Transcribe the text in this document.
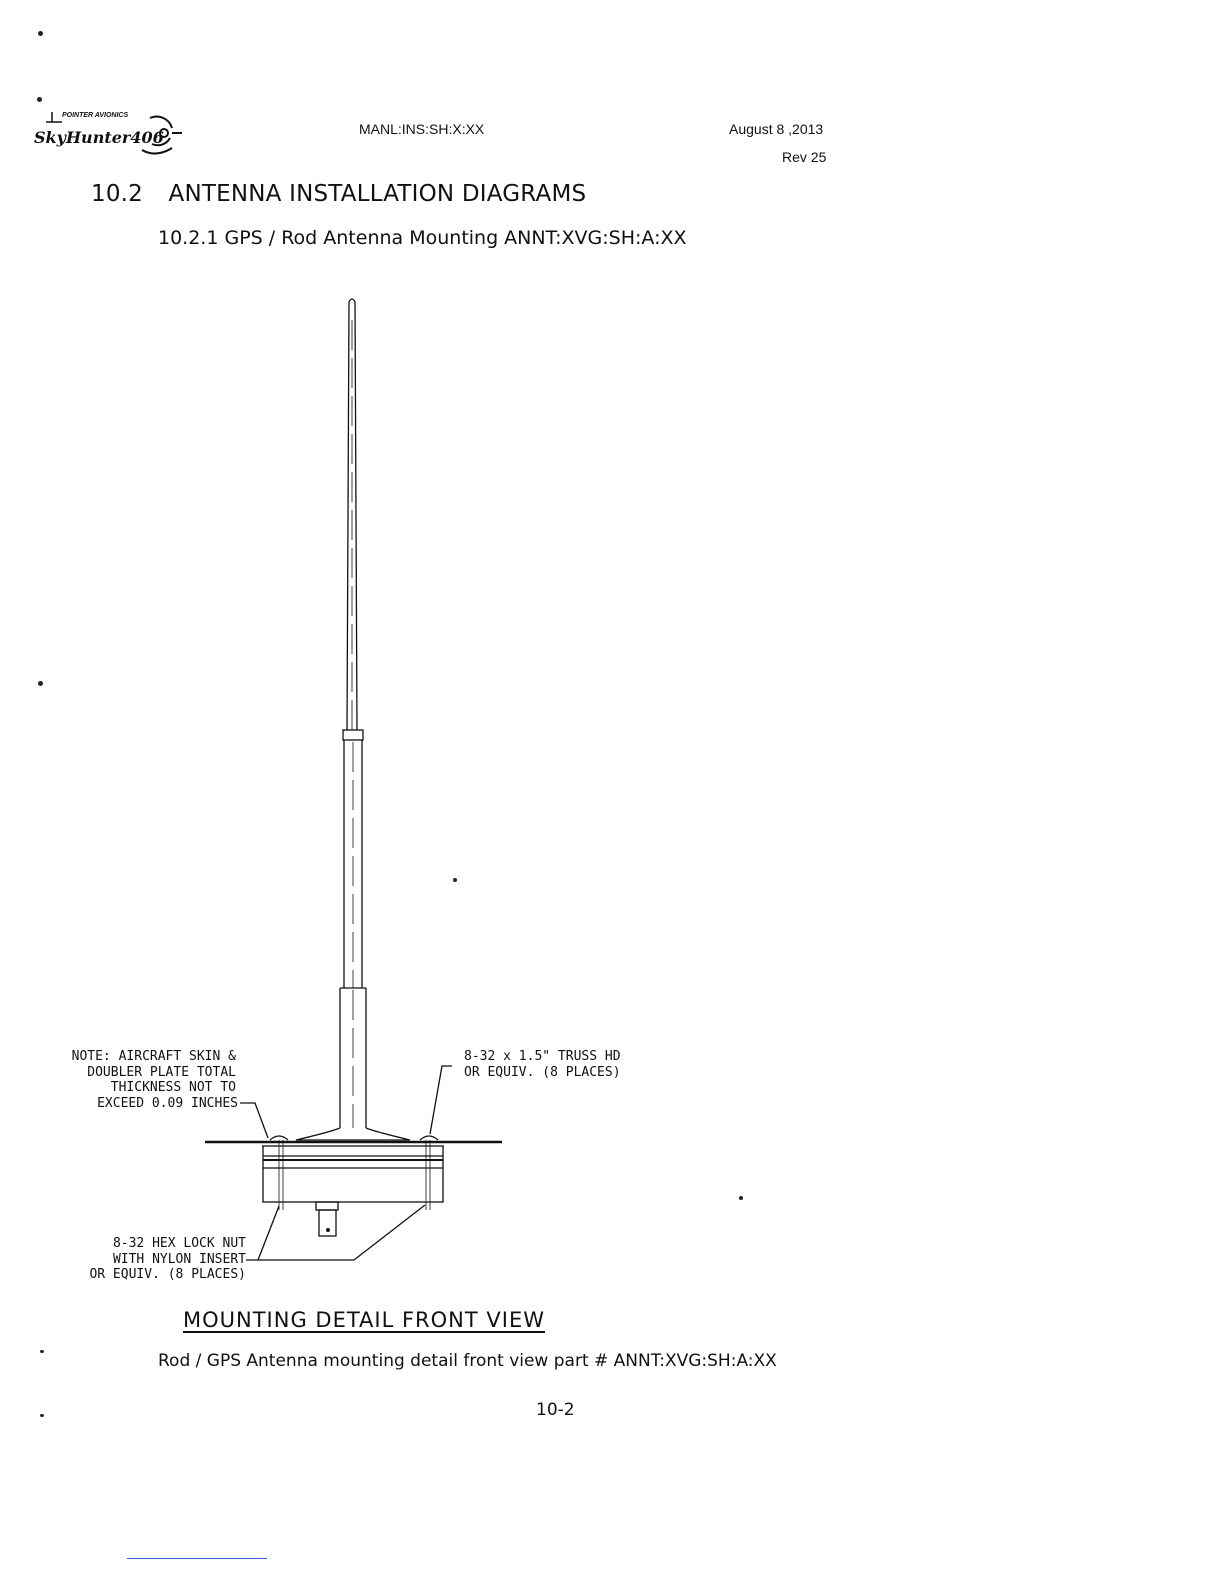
POINTER AVIONICS
SkyHunter406	MANL:INS:SH:X:XX	August 8 ,2013
Rev 25
10.2 ANTENNA INSTALLATION DIAGRAMS
10.2.1 GPS / Rod Antenna Mounting ANNT:XVG:SH:A:XX
NOTE: AIRCRAFT SKIN &
DOUBLER PLATE TOTAL
THICKNESS NOT TO
EXCEED 0.09 INCHES
8-32 x 1.5" TRUSS HD
OR EQUIV. (8 PLACES)
8-32 HEX LOCK NUT
WITH NYLON INSERT
OR EQUIV. (8 PLACES)
MOUNTING DETAIL FRONT VIEW
Rod / GPS Antenna mounting detail front view part # ANNT:XVG:SH:A:XX
10-2
